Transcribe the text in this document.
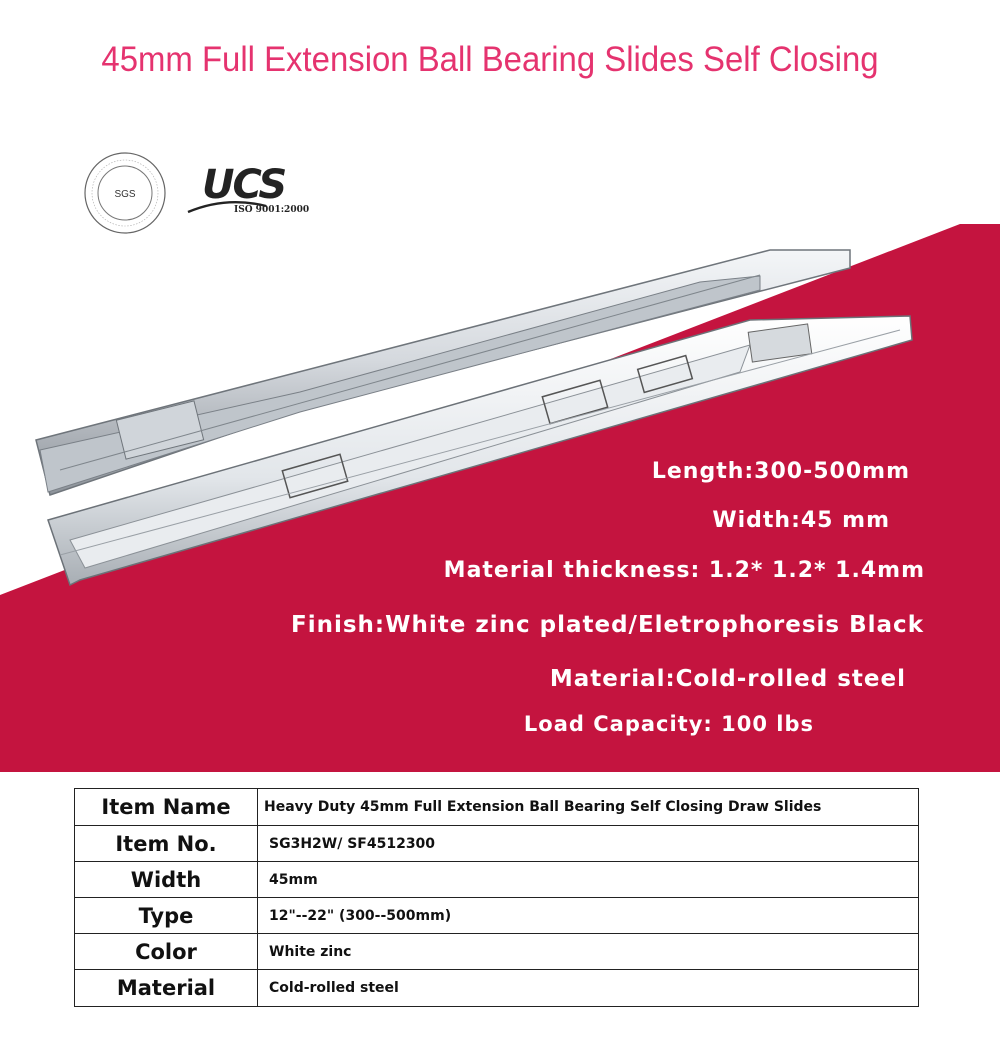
45mm Full Extension Ball Bearing Slides Self Closing
SGS UCS
ISO 9001:2000
Length:300-500mm
Width:45 mm
Material thickness: 1.2* 1.2* 1.4mm
Finish:White zinc plated/Eletrophoresis Black
Material:Cold-rolled steel
Load Capacity: 100 lbs
Item Name	Heavy Duty 45mm Full Extension Ball Bearing Self Closing Draw Slides
Item No.	SG3H2W/ SF4512300
Width	45mm
Type	12"--22" (300--500mm)
Color	White zinc
Material	Cold-rolled steel
